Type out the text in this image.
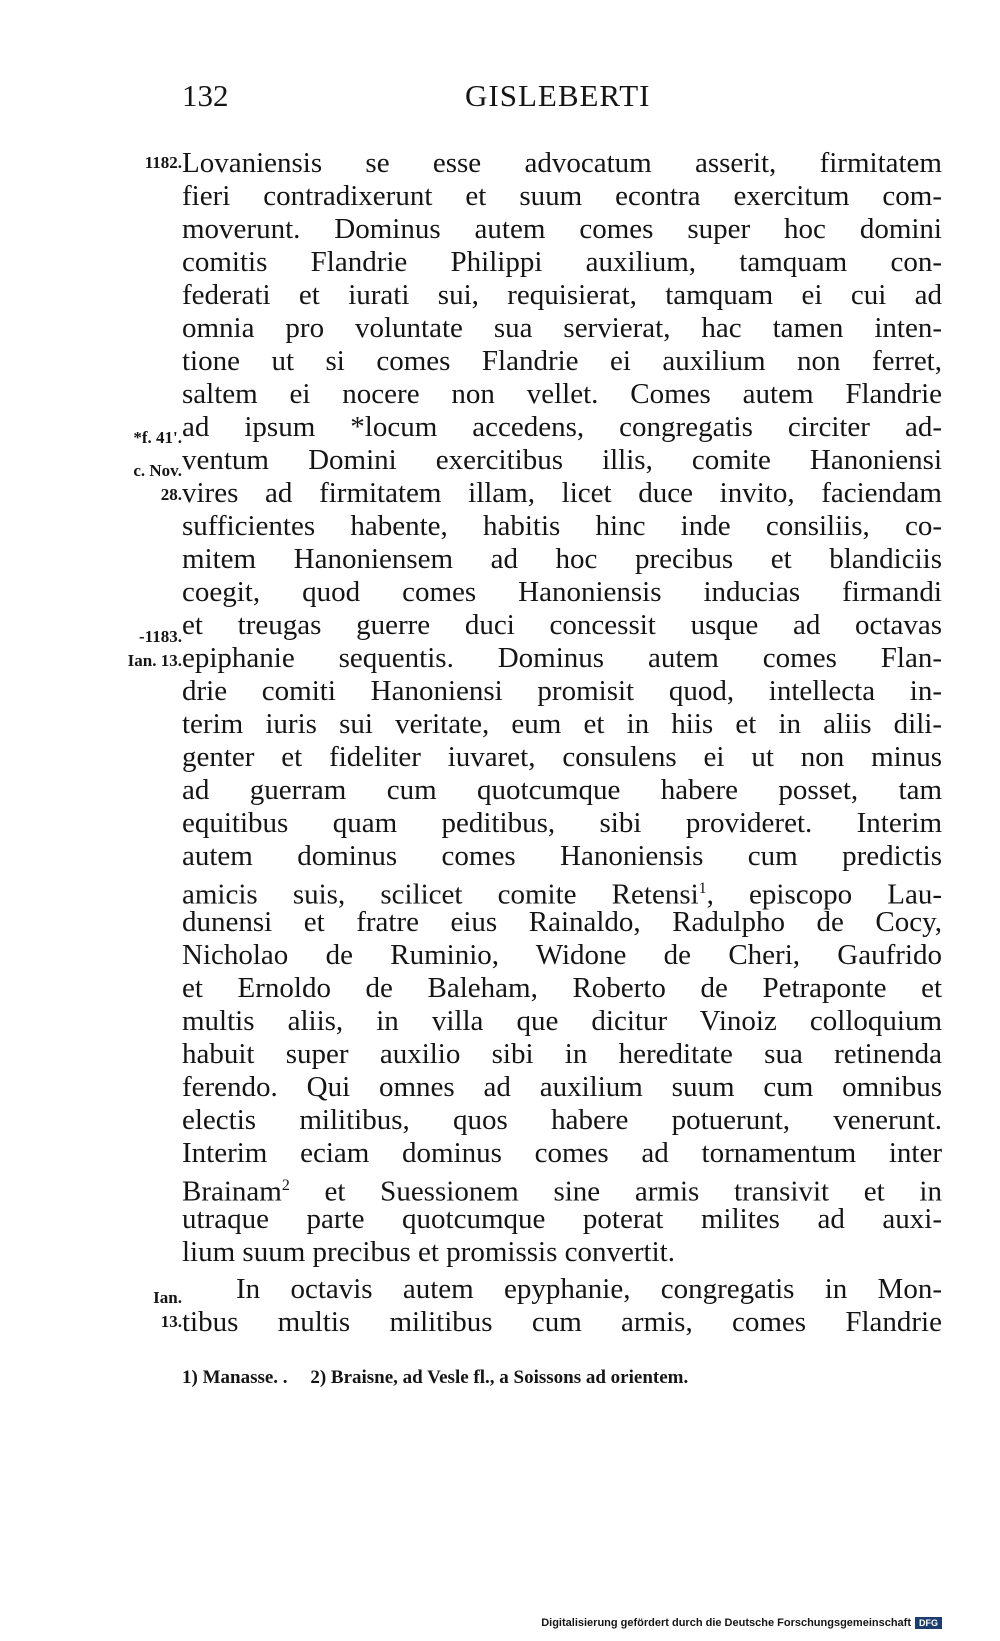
132	GISLEBERTI
1182.
*f. 41'.
c. Nov.
28.
-1183.
Ian. 13.
Ian.
13.
Lovaniensis se esse advocatum asserit, firmitatem
fieri contradixerunt et suum econtra exercitum com-
moverunt. Dominus autem comes super hoc domini
comitis Flandrie Philippi auxilium, tamquam con-
federati et iurati sui, requisierat, tamquam ei cui ad
omnia pro voluntate sua servierat, hac tamen inten-
tione ut si comes Flandrie ei auxilium non ferret,
saltem ei nocere non vellet. Comes autem Flandrie
ad ipsum *locum accedens, congregatis circiter ad-
ventum Domini exercitibus illis, comite Hanoniensi
vires ad firmitatem illam, licet duce invito, faciendam
sufficientes habente, habitis hinc inde consiliis, co-
mitem Hanoniensem ad hoc precibus et blandiciis
coegit, quod comes Hanoniensis inducias firmandi
et treugas guerre duci concessit usque ad octavas
epiphanie sequentis. Dominus autem comes Flan-
drie comiti Hanoniensi promisit quod, intellecta in-
terim iuris sui veritate, eum et in hiis et in aliis dili-
genter et fideliter iuvaret, consulens ei ut non minus
ad guerram cum quotcumque habere posset, tam
equitibus quam peditibus, sibi provideret. Interim
autem dominus comes Hanoniensis cum predictis
amicis suis, scilicet comite Retensi$^1$, episcopo Lau-
dunensi et fratre eius Rainaldo, Radulpho de Cocy,
Nicholao de Ruminio, Widone de Cheri, Gaufrido
et Ernoldo de Baleham, Roberto de Petraponte et
multis aliis, in villa que dicitur Vinoiz colloquium
habuit super auxilio sibi in hereditate sua retinenda
ferendo. Qui omnes ad auxilium suum cum omnibus
electis militibus, quos habere potuerunt, venerunt.
Interim eciam dominus comes ad tornamentum inter
Brainam$^2$ et Suessionem sine armis transivit et in
utraque parte quotcumque poterat milites ad auxi-
lium suum precibus et promissis convertit.
In octavis autem epyphanie, congregatis in Mon-
tibus multis militibus cum armis, comes Flandrie
1) Manasse. . 2) Braisne, ad Vesle fl., a Soissons ad orientem.
Digitalisierung gefördert durch die Deutsche Forschungsgemeinschaft DFG
